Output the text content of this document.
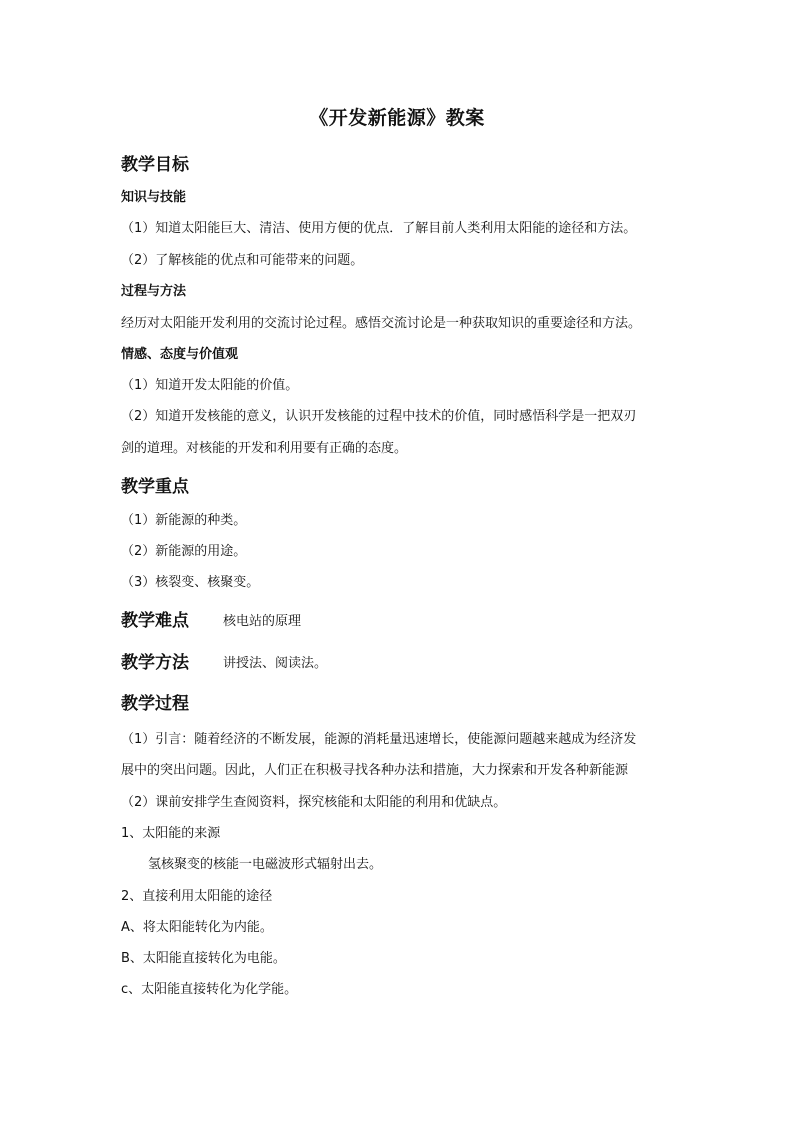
《开发新能源》教案
教学目标
知识与技能
（1）知道太阳能巨大、清洁、使用方便的优点．了解目前人类利用太阳能的途径和方法。
（2）了解核能的优点和可能带来的问题。
过程与方法
经历对太阳能开发利用的交流讨论过程。感悟交流讨论是一种获取知识的重要途径和方法。
情感、态度与价值观
（1）知道开发太阳能的价值。
（2）知道开发核能的意义，认识开发核能的过程中技术的价值，同时感悟科学是一把双刃
剑的道理。对核能的开发和利用要有正确的态度。
教学重点
（1）新能源的种类。
（2）新能源的用途。
（3）核裂变、核聚变。
教学难点	核电站的原理
教学方法	讲授法、阅读法。
教学过程
（1）引言：随着经济的不断发展，能源的消耗量迅速增长，使能源问题越来越成为经济发
展中的突出问题。因此，人们正在积极寻找各种办法和措施，大力探索和开发各种新能源
（2）课前安排学生查阅资料，探究核能和太阳能的利用和优缺点。
1、太阳能的来源
氢核聚变的核能一电磁波形式辐射出去。
2、直接利用太阳能的途径
A、将太阳能转化为内能。
B、太阳能直接转化为电能。
c、太阳能直接转化为化学能。
